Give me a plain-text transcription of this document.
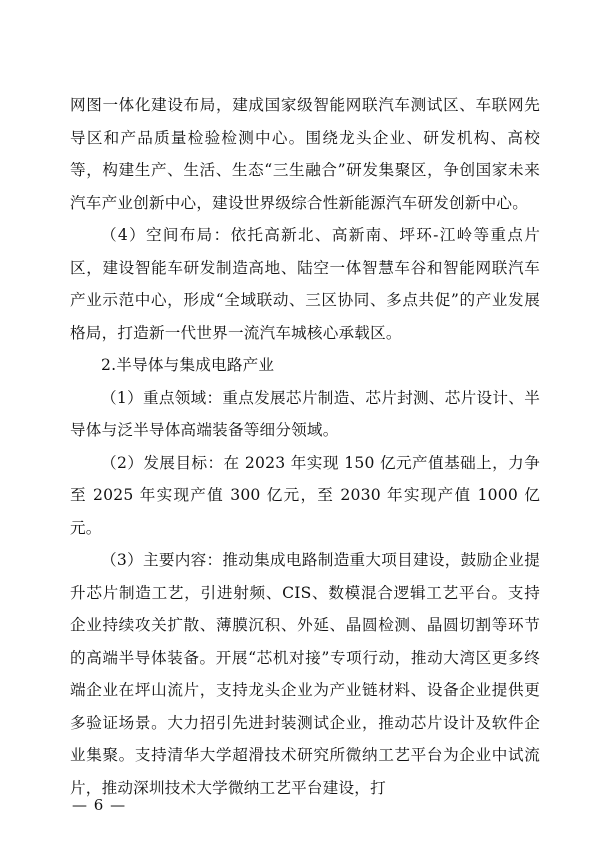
网图一体化建设布局，建成国家级智能网联汽车测试区、车联网先导区和产品质量检验检测中心。围绕龙头企业、研发机构、高校等，构建生产、生活、生态“三生融合”研发集聚区，争创国家未来汽车产业创新中心，建设世界级综合性新能源汽车研发创新中心。

（4）空间布局：依托高新北、高新南、坪环-江岭等重点片区，建设智能车研发制造高地、陆空一体智慧车谷和智能网联汽车产业示范中心，形成“全域联动、三区协同、多点共促”的产业发展格局，打造新一代世界一流汽车城核心承载区。

2.半导体与集成电路产业

（1）重点领域：重点发展芯片制造、芯片封测、芯片设计、半导体与泛半导体高端装备等细分领域。

（2）发展目标：在 2023 年实现 150 亿元产值基础上，力争至 2025 年实现产值 300 亿元，至 2030 年实现产值 1000 亿元。

（3）主要内容：推动集成电路制造重大项目建设，鼓励企业提升芯片制造工艺，引进射频、CIS、数模混合逻辑工艺平台。支持企业持续攻关扩散、薄膜沉积、外延、晶圆检测、晶圆切割等环节的高端半导体装备。开展“芯机对接”专项行动，推动大湾区更多终端企业在坪山流片，支持龙头企业为产业链材料、设备企业提供更多验证场景。大力招引先进封装测试企业，推动芯片设计及软件企业集聚。支持清华大学超滑技术研究所微纳工艺平台为企业中试流片，推动深圳技术大学微纳工艺平台建设，打

— 6 —
